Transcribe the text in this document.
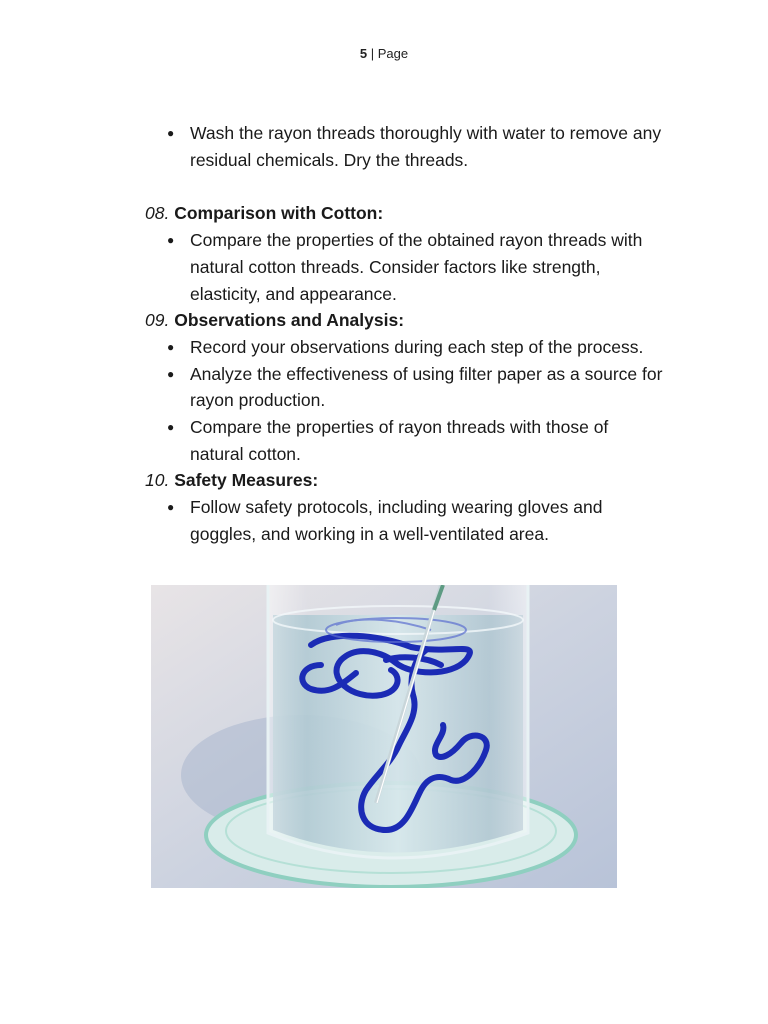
5 | Page
● Wash the rayon threads thoroughly with water to remove any residual chemicals. Dry the threads.
08. Comparison with Cotton:
● Compare the properties of the obtained rayon threads with natural cotton threads. Consider factors like strength, elasticity, and appearance.
09. Observations and Analysis:
● Record your observations during each step of the process.
● Analyze the effectiveness of using filter paper as a source for rayon production.
● Compare the properties of rayon threads with those of natural cotton.
10. Safety Measures:
● Follow safety protocols, including wearing gloves and goggles, and working in a well-ventilated area.
